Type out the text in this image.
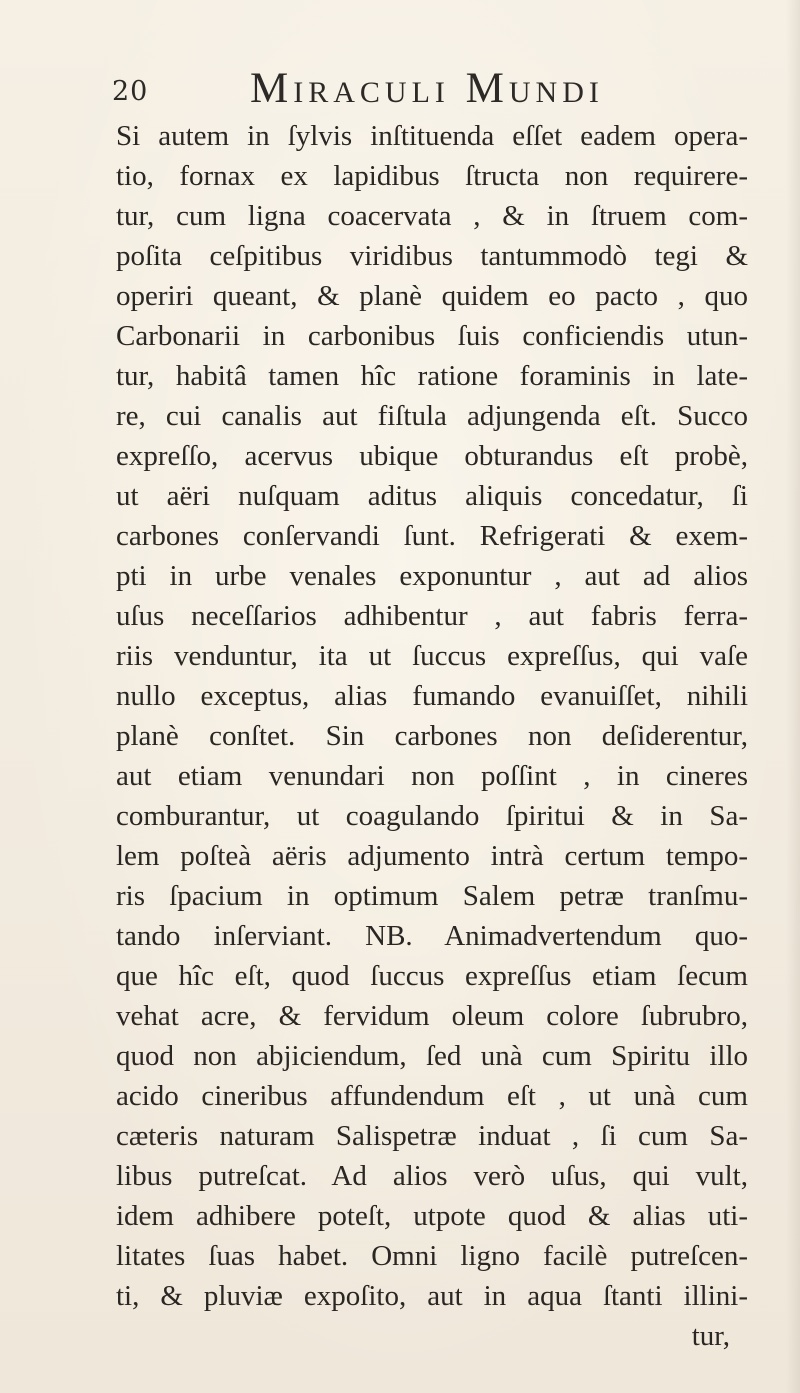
20 Miraculi Mundi
Si autem in ſylvis inſtituenda eſſet eadem opera-
tio, fornax ex lapidibus ſtructa non requirere-
tur, cum ligna coacervata , & in ſtruem com-
poſita ceſpitibus viridibus tantummodò tegi &
operiri queant, & planè quidem eo pacto , quo
Carbonarii in carbonibus ſuis conficiendis utun-
tur, habitâ tamen hîc ratione foraminis in late-
re, cui canalis aut fiſtula adjungenda eſt. Succo
expreſſo, acervus ubique obturandus eſt probè,
ut aëri nuſquam aditus aliquis concedatur, ſi
carbones conſervandi ſunt. Refrigerati & exem-
pti in urbe venales exponuntur , aut ad alios
uſus neceſſarios adhibentur , aut fabris ferra-
riis venduntur, ita ut ſuccus expreſſus, qui vaſe
nullo exceptus, alias fumando evanuiſſet, nihili
planè conſtet. Sin carbones non deſiderentur,
aut etiam venundari non poſſint , in cineres
comburantur, ut coagulando ſpiritui & in Sa-
lem poſteà aëris adjumento intrà certum tempo-
ris ſpacium in optimum Salem petræ tranſmu-
tando inſerviant. NB. Animadvertendum quo-
que hîc eſt, quod ſuccus expreſſus etiam ſecum
vehat acre, & fervidum oleum colore ſubrubro,
quod non abjiciendum, ſed unà cum Spiritu illo
acido cineribus affundendum eſt , ut unà cum
cæteris naturam Salispetræ induat , ſi cum Sa-
libus putreſcat. Ad alios verò uſus, qui vult,
idem adhibere poteſt, utpote quod & alias uti-
litates ſuas habet. Omni ligno facilè putreſcen-
ti, & pluviæ expoſito, aut in aqua ſtanti illini-
tur,
